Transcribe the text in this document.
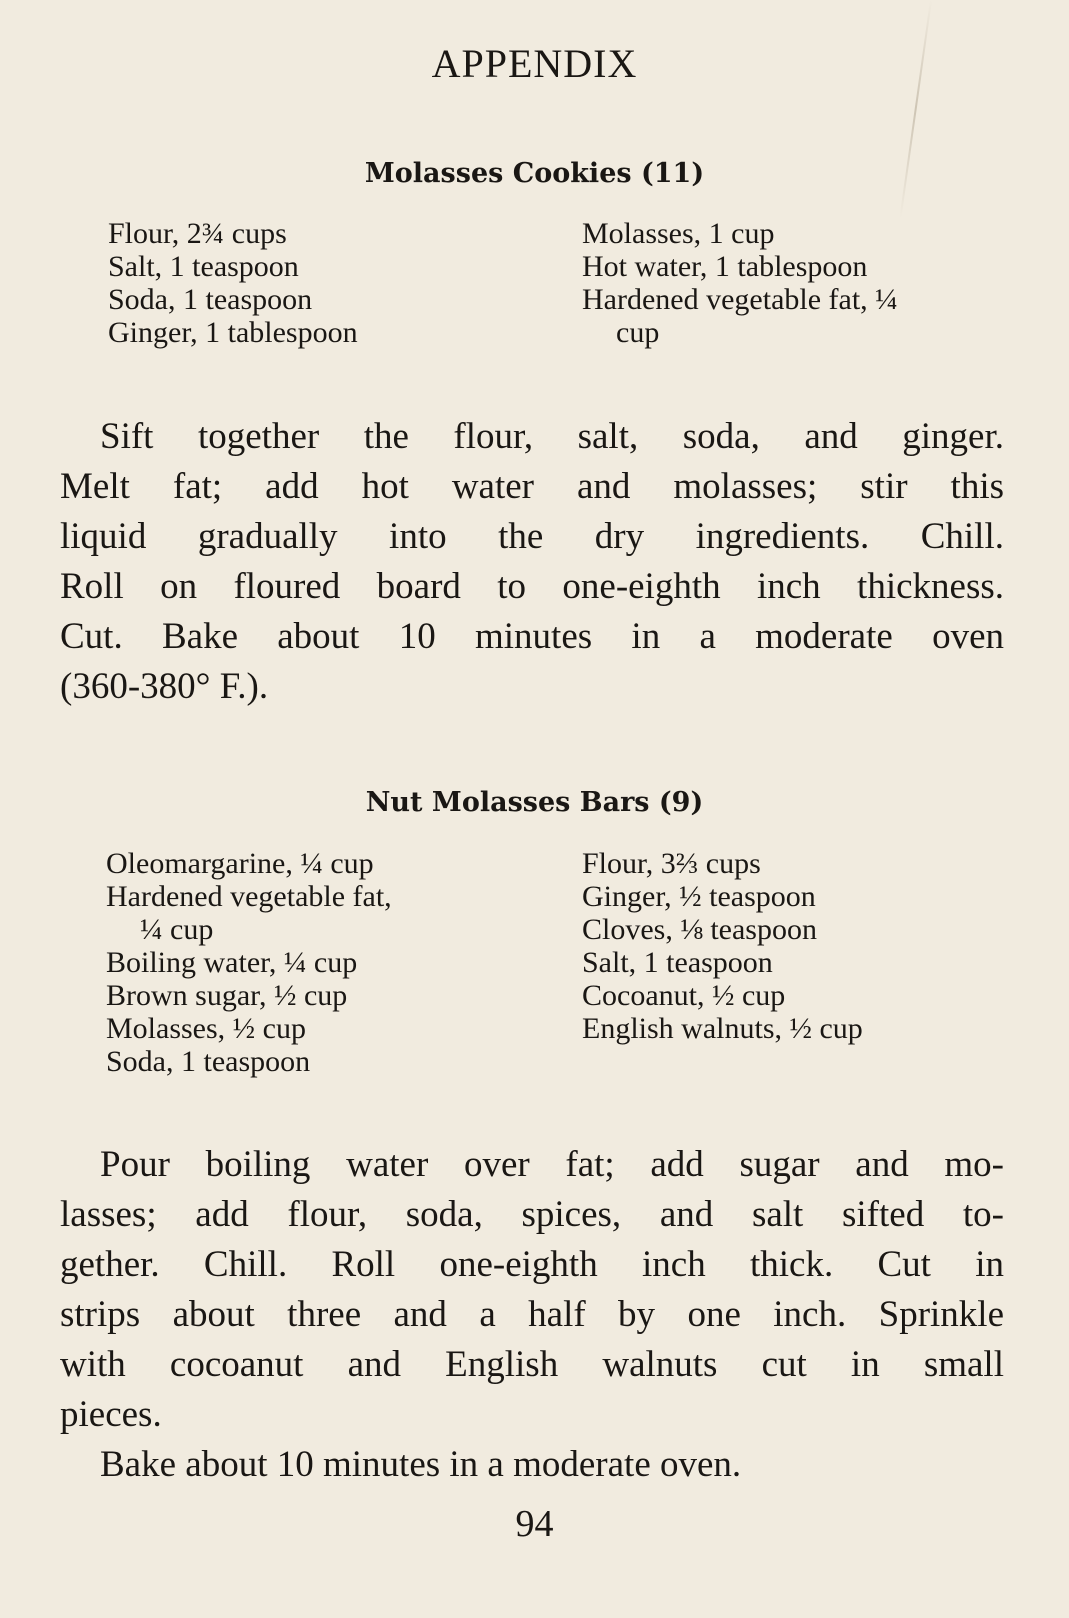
APPENDIX
Molasses Cookies (11)
Flour, 2¾ cups
Salt, 1 teaspoon
Soda, 1 teaspoon
Ginger, 1 tablespoon
Molasses, 1 cup
Hot water, 1 tablespoon
Hardened vegetable fat, ¼
cup
Sift together the flour, salt, soda, and ginger.
Melt fat; add hot water and molasses; stir this
liquid gradually into the dry ingredients. Chill.
Roll on floured board to one-eighth inch thickness.
Cut. Bake about 10 minutes in a moderate oven
(360-380° F.).
Nut Molasses Bars (9)
Oleomargarine, ¼ cup
Hardened vegetable fat,
¼ cup
Boiling water, ¼ cup
Brown sugar, ½ cup
Molasses, ½ cup
Soda, 1 teaspoon
Flour, 3⅔ cups
Ginger, ½ teaspoon
Cloves, ⅛ teaspoon
Salt, 1 teaspoon
Cocoanut, ½ cup
English walnuts, ½ cup
Pour boiling water over fat; add sugar and mo-
lasses; add flour, soda, spices, and salt sifted to-
gether. Chill. Roll one-eighth inch thick. Cut in
strips about three and a half by one inch. Sprinkle
with cocoanut and English walnuts cut in small
pieces.
Bake about 10 minutes in a moderate oven.
94
